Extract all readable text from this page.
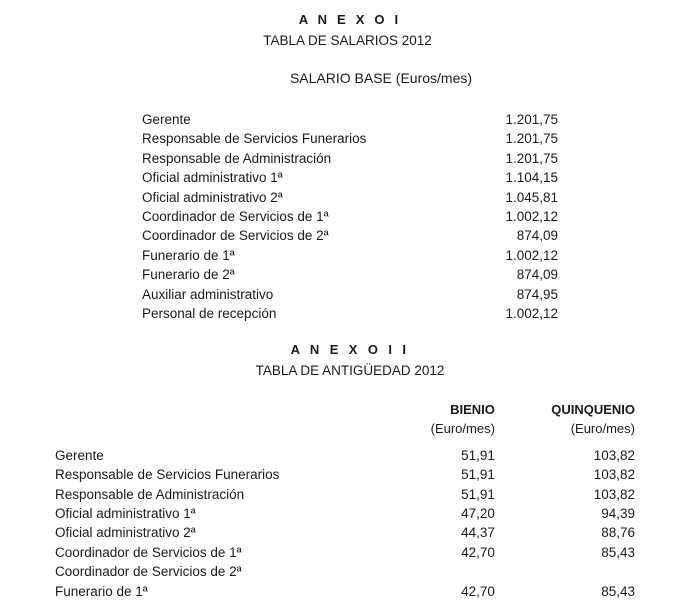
A N E X O I
TABLA DE SALARIOS 2012
SALARIO BASE (Euros/mes)
Gerente	1.201,75
Responsable de Servicios Funerarios	1.201,75
Responsable de Administración	1.201,75
Oficial administrativo 1ª	1.104,15
Oficial administrativo 2ª	1.045,81
Coordinador de Servicios de 1ª	1.002,12
Coordinador de Servicios de 2ª	874,09
Funerario de 1ª	1.002,12
Funerario de 2ª	874,09
Auxiliar administrativo	874,95
Personal de recepción	1.002,12
A N E X O I I
TABLA DE ANTIGÜEDAD 2012
	BIENIO	QUINQUENIO
	(Euro/mes)	(Euro/mes)

Gerente	51,91	103,82
Responsable de Servicios Funerarios	51,91	103,82
Responsable de Administración	51,91	103,82
Oficial administrativo 1ª	47,20	94,39
Oficial administrativo 2ª	44,37	88,76
Coordinador de Servicios de 1ª	42,70	85,43
Coordinador de Servicios de 2ª		
Funerario de 1ª	42,70	85,43
